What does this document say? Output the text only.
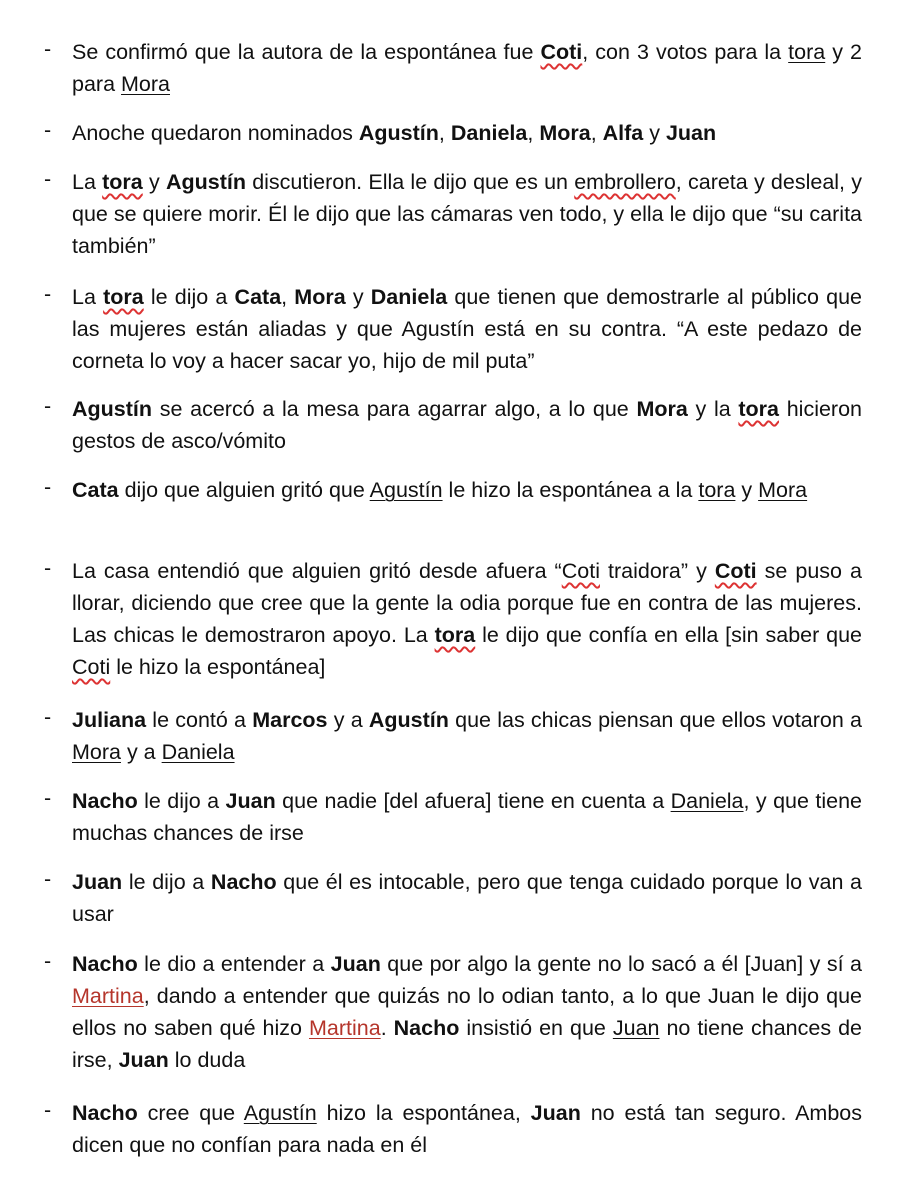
- Se confirmó que la autora de la espontánea fue Coti, con 3 votos para la tora y 2 para Mora
- Anoche quedaron nominados Agustín, Daniela, Mora, Alfa y Juan
- La tora y Agustín discutieron. Ella le dijo que es un embrollero, careta y desleal, y que se quiere morir. Él le dijo que las cámaras ven todo, y ella le dijo que “su carita también”
- La tora le dijo a Cata, Mora y Daniela que tienen que demostrarle al público que las mujeres están aliadas y que Agustín está en su contra. “A este pedazo de corneta lo voy a hacer sacar yo, hijo de mil puta”
- Agustín se acercó a la mesa para agarrar algo, a lo que Mora y la tora hicieron gestos de asco/vómito
- Cata dijo que alguien gritó que Agustín le hizo la espontánea a la tora y Mora
- La casa entendió que alguien gritó desde afuera “Coti traidora” y Coti se puso a llorar, diciendo que cree que la gente la odia porque fue en contra de las mujeres. Las chicas le demostraron apoyo. La tora le dijo que confía en ella [sin saber que Coti le hizo la espontánea]
- Juliana le contó a Marcos y a Agustín que las chicas piensan que ellos votaron a Mora y a Daniela
- Nacho le dijo a Juan que nadie [del afuera] tiene en cuenta a Daniela, y que tiene muchas chances de irse
- Juan le dijo a Nacho que él es intocable, pero que tenga cuidado porque lo van a usar
- Nacho le dio a entender a Juan que por algo la gente no lo sacó a él [Juan] y sí a Martina, dando a entender que quizás no lo odian tanto, a lo que Juan le dijo que ellos no saben qué hizo Martina. Nacho insistió en que Juan no tiene chances de irse, Juan lo duda
- Nacho cree que Agustín hizo la espontánea, Juan no está tan seguro. Ambos dicen que no confían para nada en él
